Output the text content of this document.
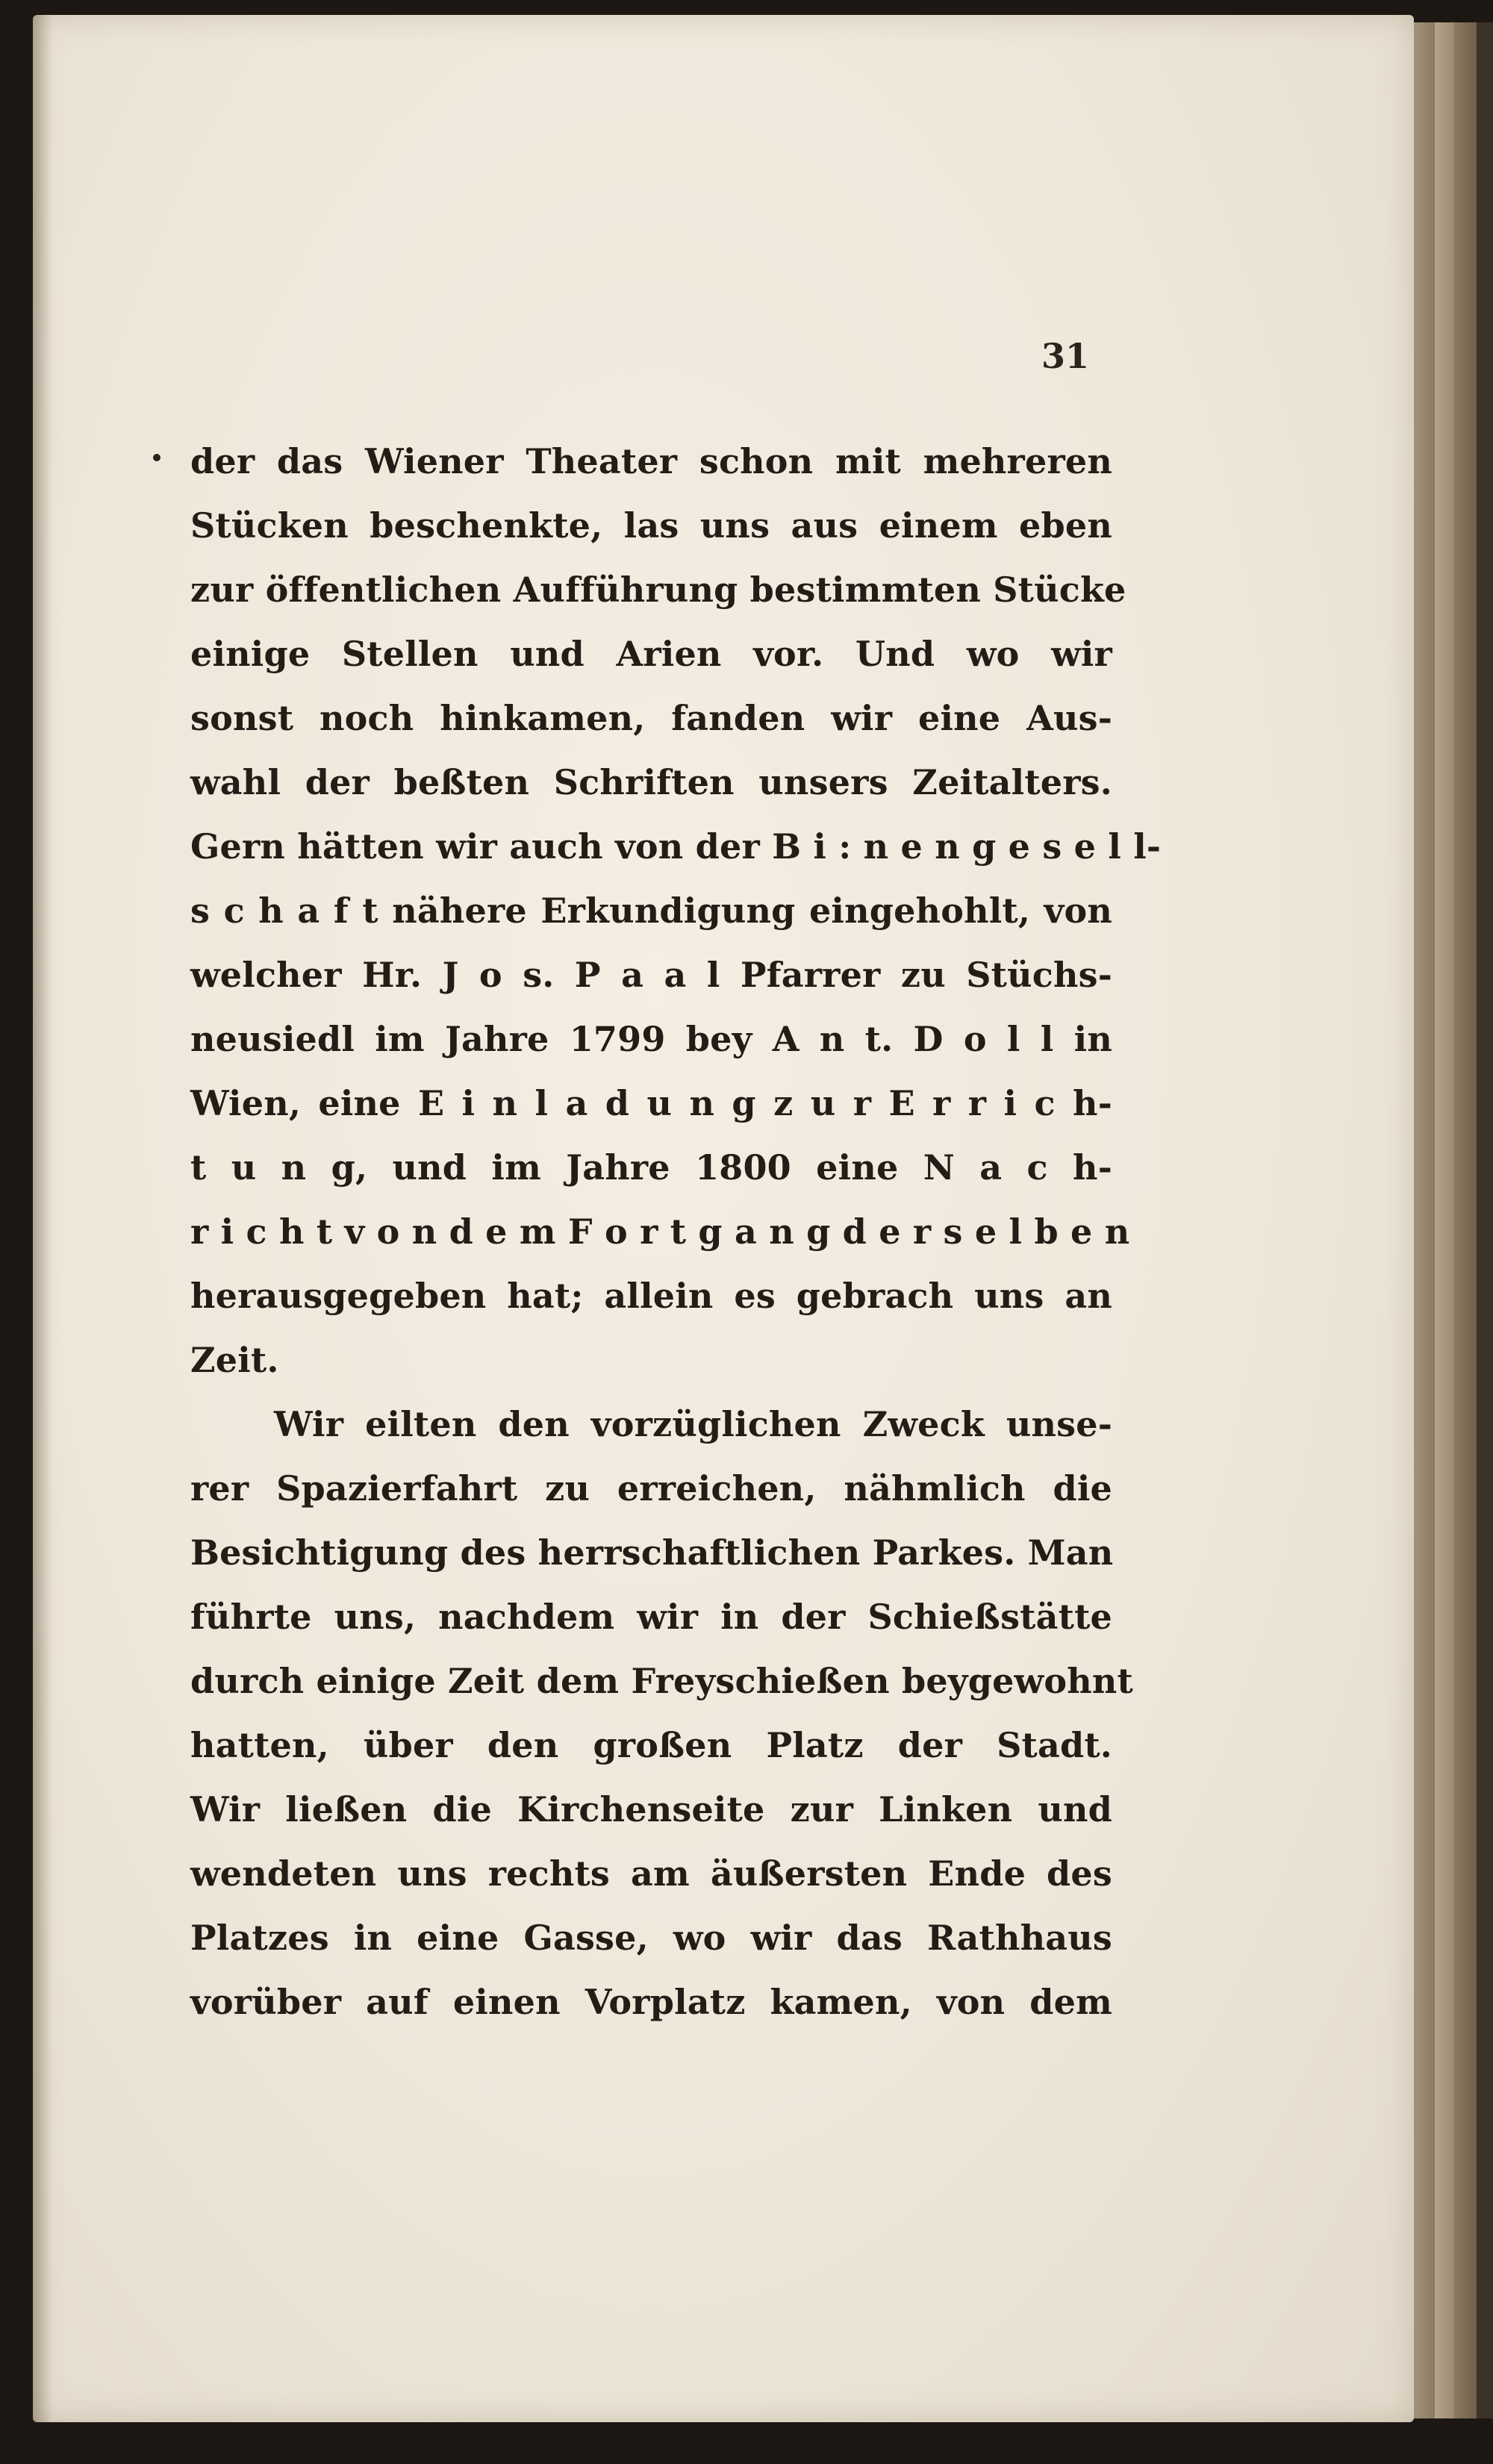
31
der das Wiener Theater schon mit mehreren
Stücken beschenkte, las uns aus einem eben
zur öffentlichen Aufführung bestimmten Stücke
einige Stellen und Arien vor. Und wo wir
sonst noch hinkamen, fanden wir eine Aus-
wahl der beßten Schriften unsers Zeitalters.
Gern hätten wir auch von der B i : n e n g e s e l l-
s c h a f t nähere Erkundigung eingehohlt, von
welcher Hr. J o s. P a a l Pfarrer zu Stüchs-
neusiedl im Jahre 1799 bey A n t. D o l l in
Wien, eine E i n l a d u n g z u r E r r i c h-
t u n g, und im Jahre 1800 eine N a c h-
r i c h t v o n d e m F o r t g a n g d e r s e l b e n
herausgegeben hat; allein es gebrach uns an
Zeit.
Wir eilten den vorzüglichen Zweck unse-
rer Spazierfahrt zu erreichen, nähmlich die
Besichtigung des herrschaftlichen Parkes. Man
führte uns, nachdem wir in der Schießstätte
durch einige Zeit dem Freyschießen beygewohnt
hatten, über den großen Platz der Stadt.
Wir ließen die Kirchenseite zur Linken und
wendeten uns rechts am äußersten Ende des
Platzes in eine Gasse, wo wir das Rathhaus
vorüber auf einen Vorplatz kamen, von dem
